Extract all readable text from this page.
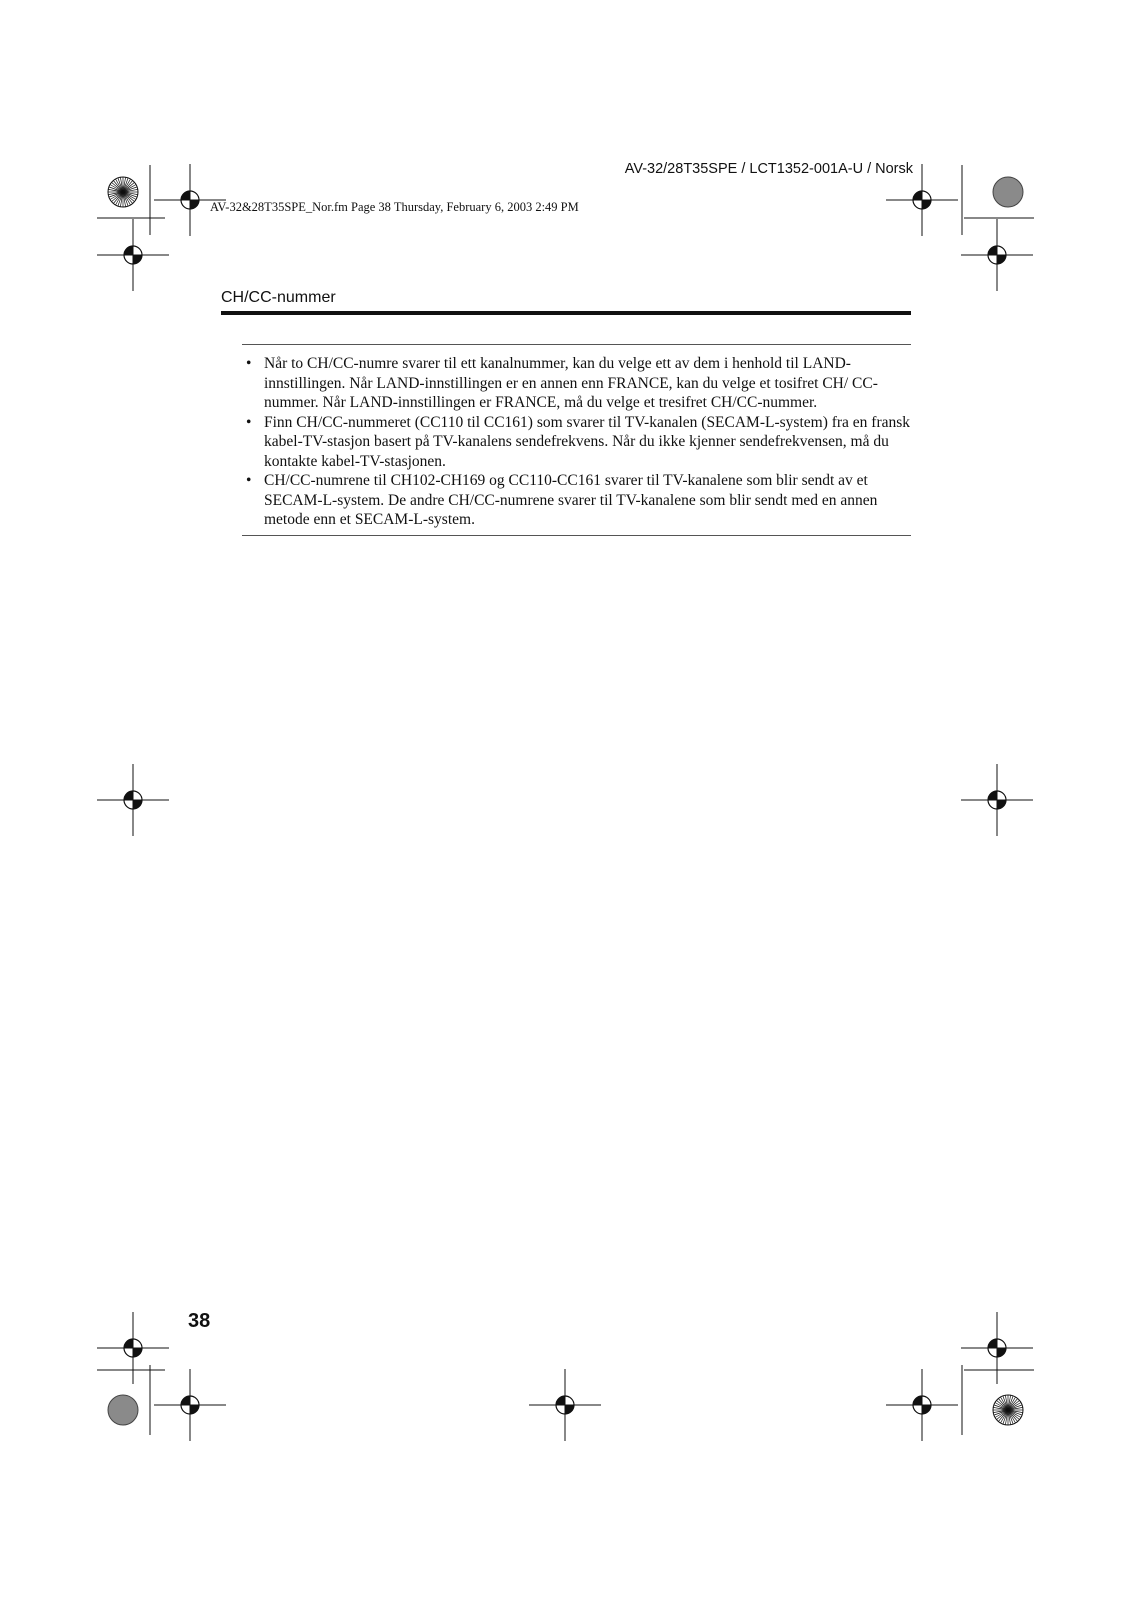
AV-32/28T35SPE / LCT1352-001A-U / Norsk
AV-32&28T35SPE_Nor.fm Page 38 Thursday, February 6, 2003 2:49 PM
CH/CC-nummer
• Når to CH/CC-numre svarer til ett kanalnummer, kan du velge ett av dem i henhold til LAND-innstillingen. Når LAND-innstillingen er en annen enn FRANCE, kan du velge et tosifret CH/ CC-nummer. Når LAND-innstillingen er FRANCE, må du velge et tresifret CH/CC-nummer.
• Finn CH/CC-nummeret (CC110 til CC161) som svarer til TV-kanalen (SECAM-L-system) fra en fransk kabel-TV-stasjon basert på TV-kanalens sendefrekvens. Når du ikke kjenner sendefrekvensen, må du kontakte kabel-TV-stasjonen.
• CH/CC-numrene til CH102-CH169 og CC110-CC161 svarer til TV-kanalene som blir sendt av et SECAM-L-system. De andre CH/CC-numrene svarer til TV-kanalene som blir sendt med en annen metode enn et SECAM-L-system.
38
